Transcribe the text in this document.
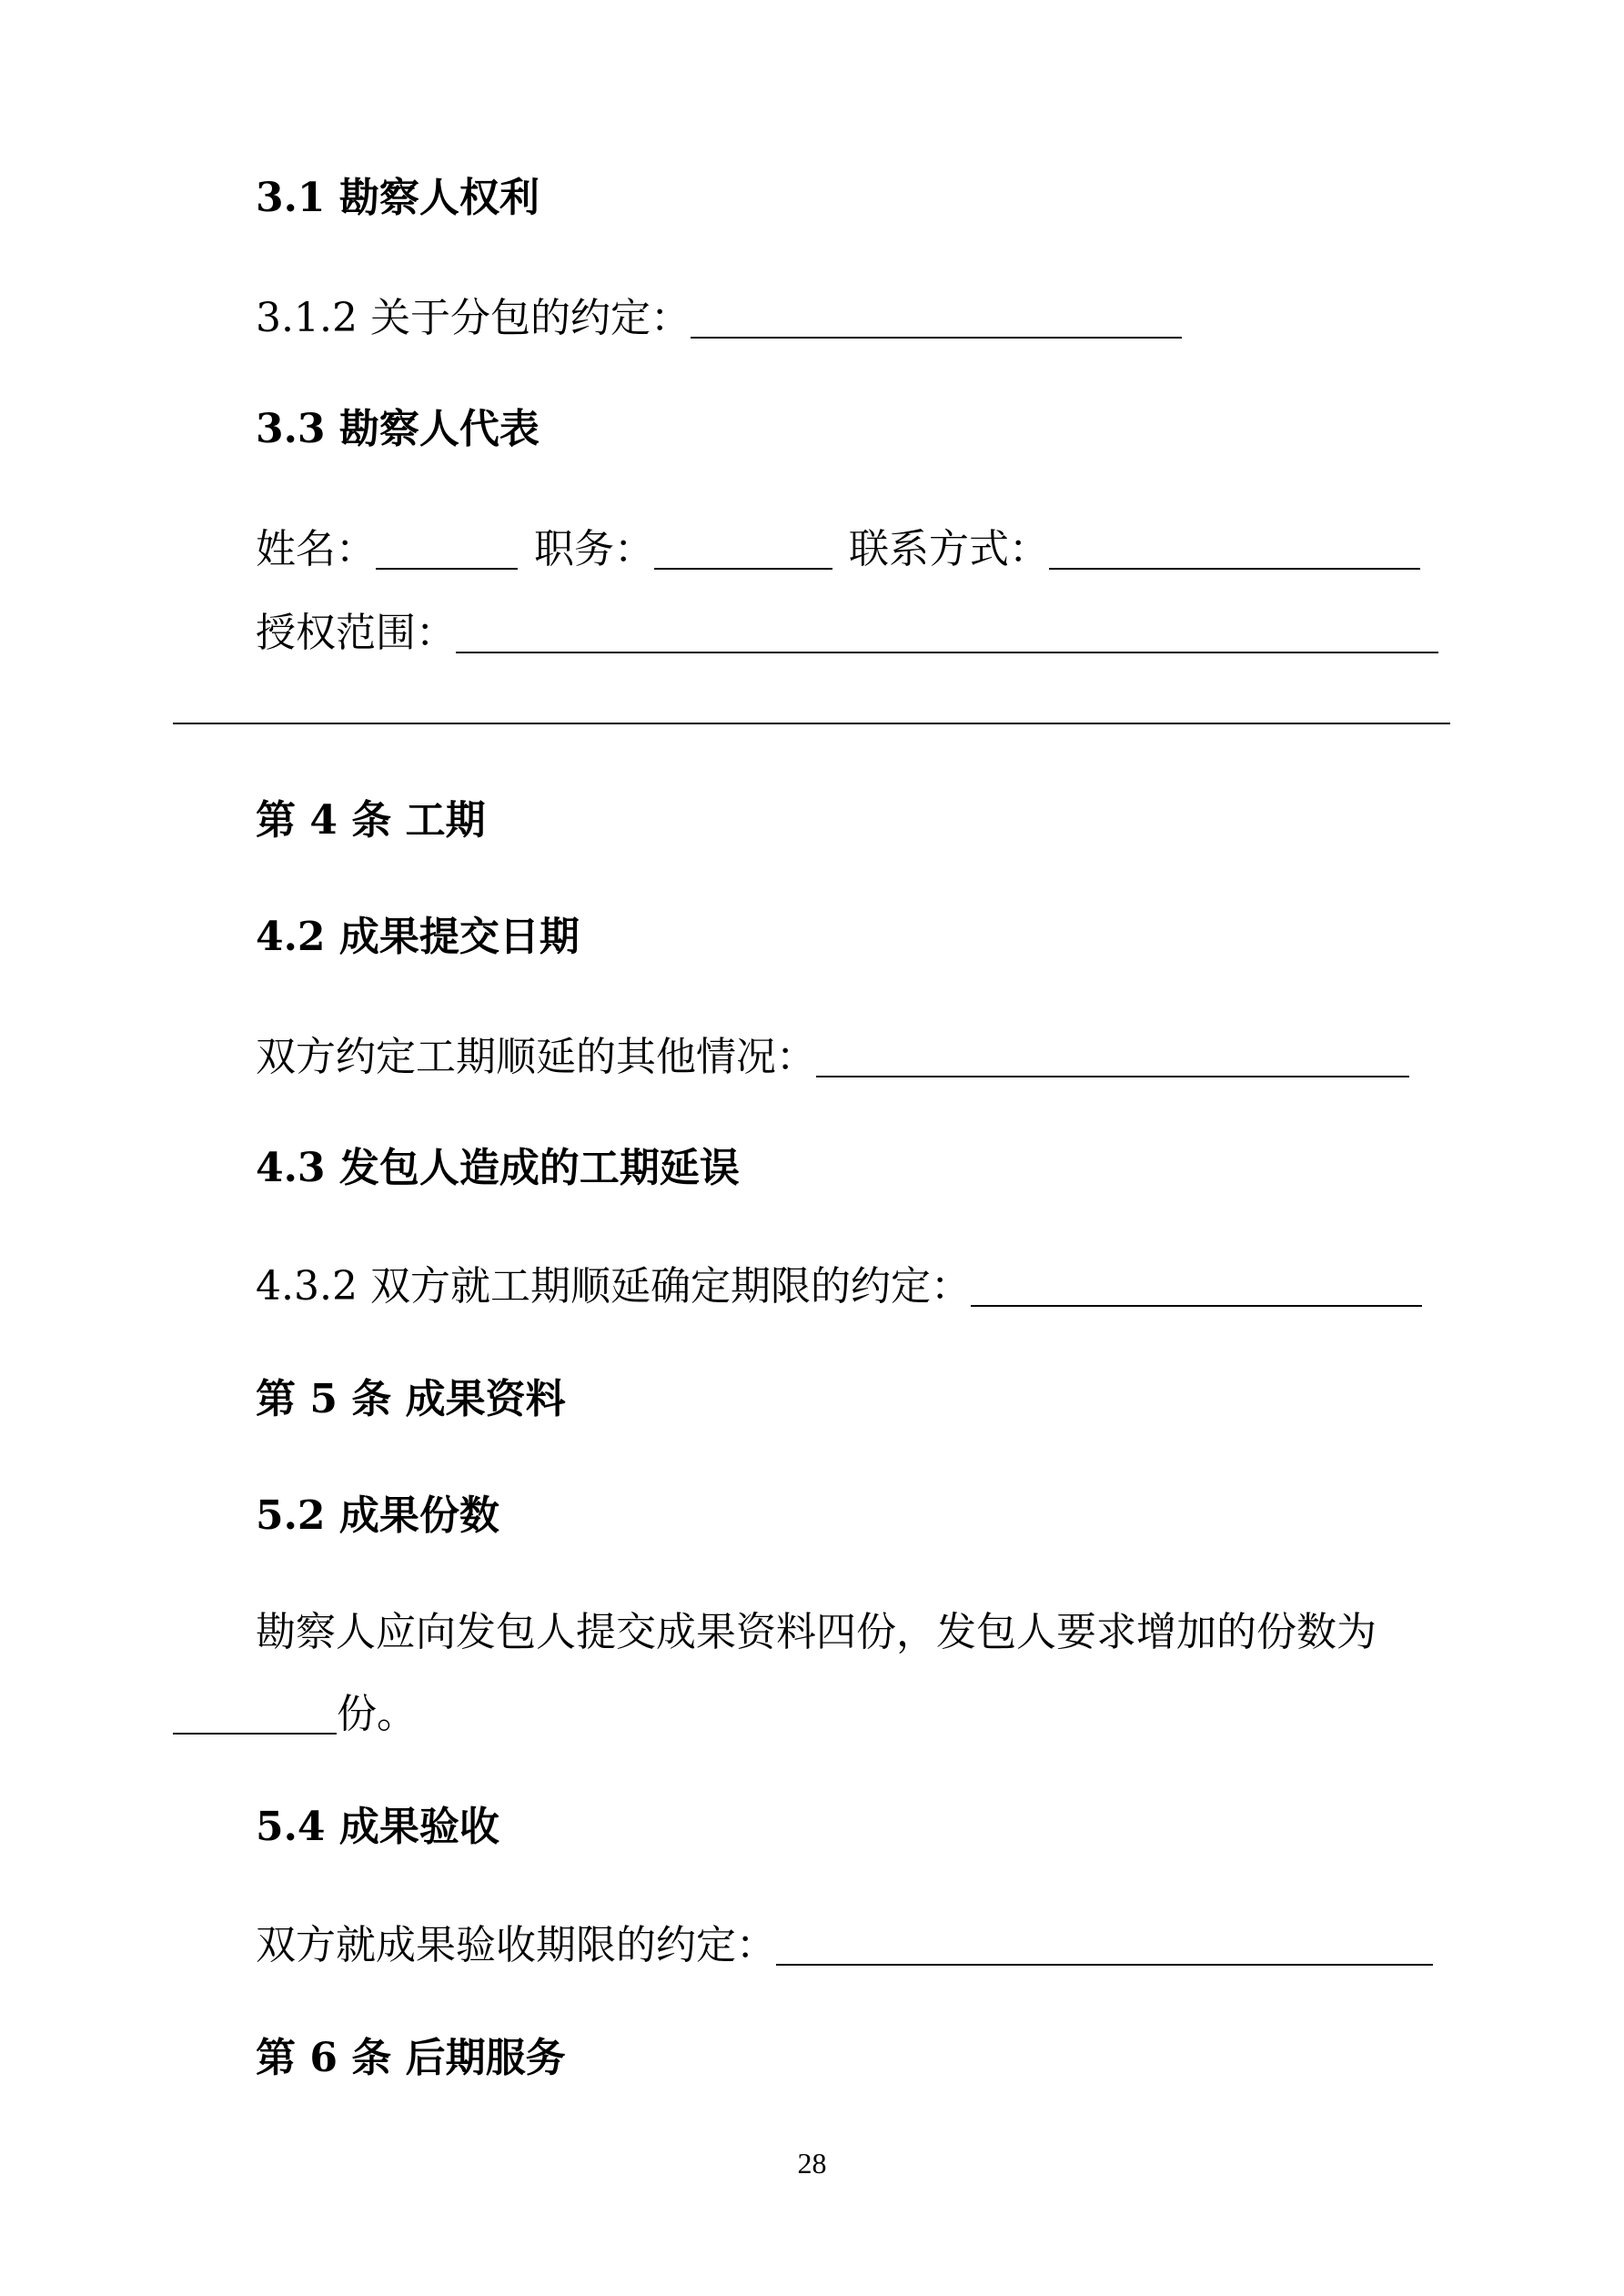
3.1 勘察人权利
3.1.2 关于分包的约定：
3.3 勘察人代表
姓名：	职务：	联系方式：
授权范围：
第 4 条 工期
4.2 成果提交日期
双方约定工期顺延的其他情况：
4.3 发包人造成的工期延误
4.3.2 双方就工期顺延确定期限的约定：
第 5 条 成果资料
5.2 成果份数
勘察人应向发包人提交成果资料四份，发包人要求增加的份数为
份。
5.4 成果验收
双方就成果验收期限的约定：
第 6 条 后期服务
28
